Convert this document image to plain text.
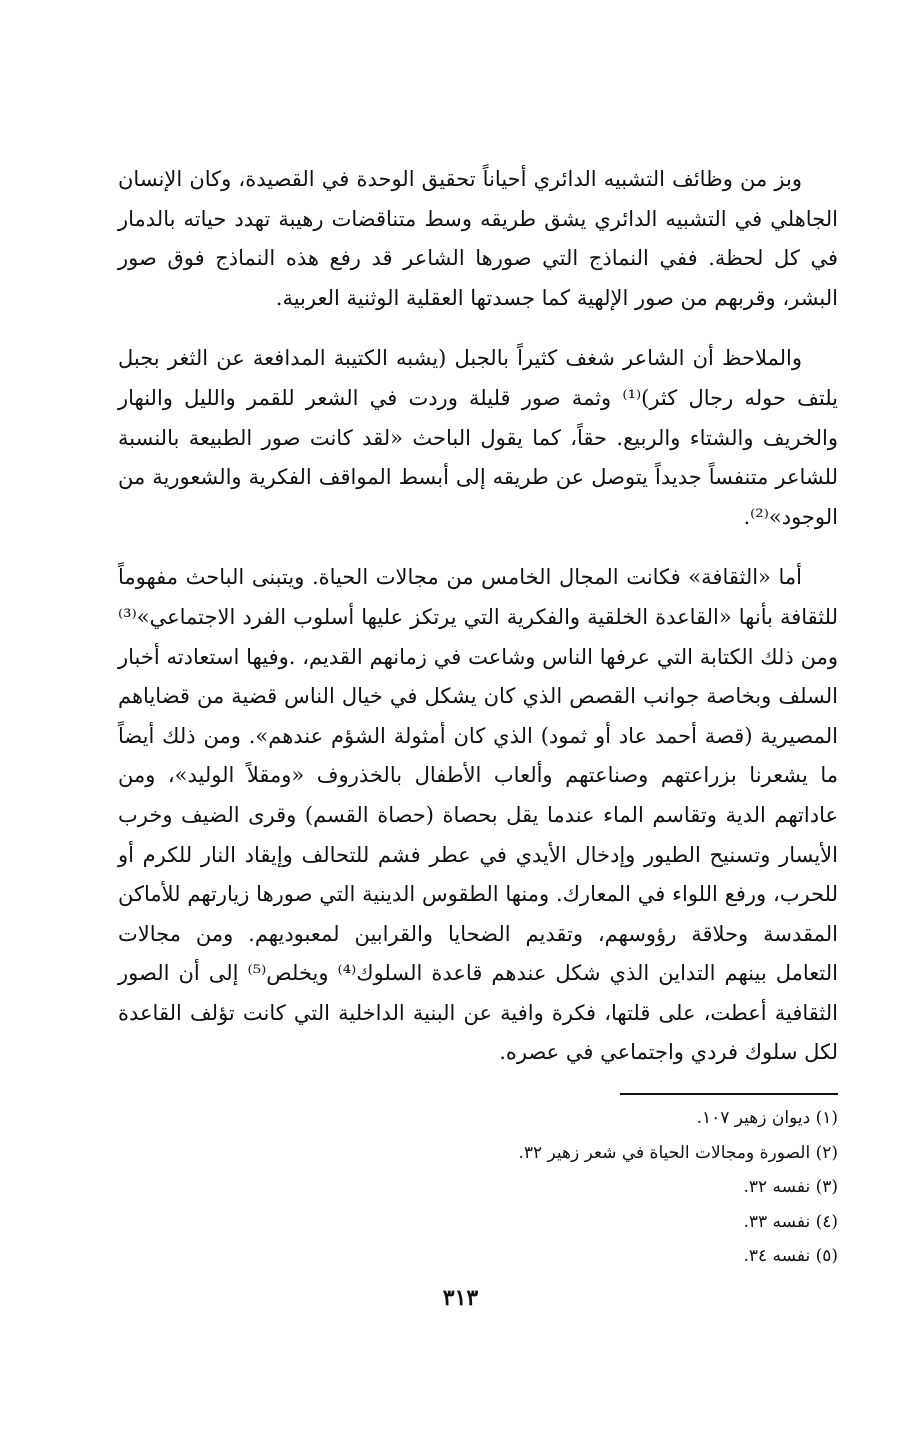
وبز من وظائف التشبيه الدائري أحياناً تحقيق الوحدة في القصيدة، وكان الإنسان الجاهلي في التشبيه الدائري يشق طريقه وسط متناقضات رهيبة تهدد حياته بالدمار في كل لحظة. ففي النماذج التي صورها الشاعر قد رفع هذه النماذج فوق صور البشر، وقربهم من صور الإلهية كما جسدتها العقلية الوثنية العربية.

والملاحظ أن الشاعر شغف كثيراً بالجبل (يشبه الكتيبة المدافعة عن الثغر بجبل يلتف حوله رجال كثر)⁽¹⁾ وثمة صور قليلة وردت في الشعر للقمر والليل والنهار والخريف والشتاء والربيع. حقاً، كما يقول الباحث «لقد كانت صور الطبيعة بالنسبة للشاعر متنفساً جديداً يتوصل عن طريقه إلى أبسط المواقف الفكرية والشعورية من الوجود»⁽²⁾.

أما «الثقافة» فكانت المجال الخامس من مجالات الحياة. ويتبنى الباحث مفهوماً للثقافة بأنها «القاعدة الخلقية والفكرية التي يرتكز عليها أسلوب الفرد الاجتماعي»⁽³⁾ ومن ذلك الكتابة التي عرفها الناس وشاعت في زمانهم القديم، .وفيها استعادته أخبار السلف وبخاصة جوانب القصص الذي كان يشكل في خيال الناس قضية من قضاياهم المصيرية (قصة أحمد عاد أو ثمود) الذي كان أمثولة الشؤم عندهم». ومن ذلك أيضاً ما يشعرنا بزراعتهم وصناعتهم وألعاب الأطفال بالخذروف «ومقلاً الوليد»، ومن عاداتهم الدية وتقاسم الماء عندما يقل بحصاة (حصاة القسم) وقرى الضيف وخرب الأيسار وتسنيح الطيور وإدخال الأيدي في عطر فشم للتحالف وإيقاد النار للكرم أو للحرب، ورفع اللواء في المعارك. ومنها الطقوس الدينية التي صورها زيارتهم للأماكن المقدسة وحلاقة رؤوسهم، وتقديم الضحايا والقرابين لمعبوديهم. ومن مجالات التعامل بينهم التداين الذي شكل عندهم قاعدة السلوك⁽⁴⁾ ويخلص⁽⁵⁾ إلى أن الصور الثقافية أعطت، على قلتها، فكرة وافية عن البنية الداخلية التي كانت تؤلف القاعدة لكل سلوك فردي واجتماعي في عصره.

(١) ديوان زهير ١٠٧.
(٢) الصورة ومجالات الحياة في شعر زهير ٣٢.
(٣) نفسه ٣٢.
(٤) نفسه ٣٣.
(٥) نفسه ٣٤.
٣١٣
